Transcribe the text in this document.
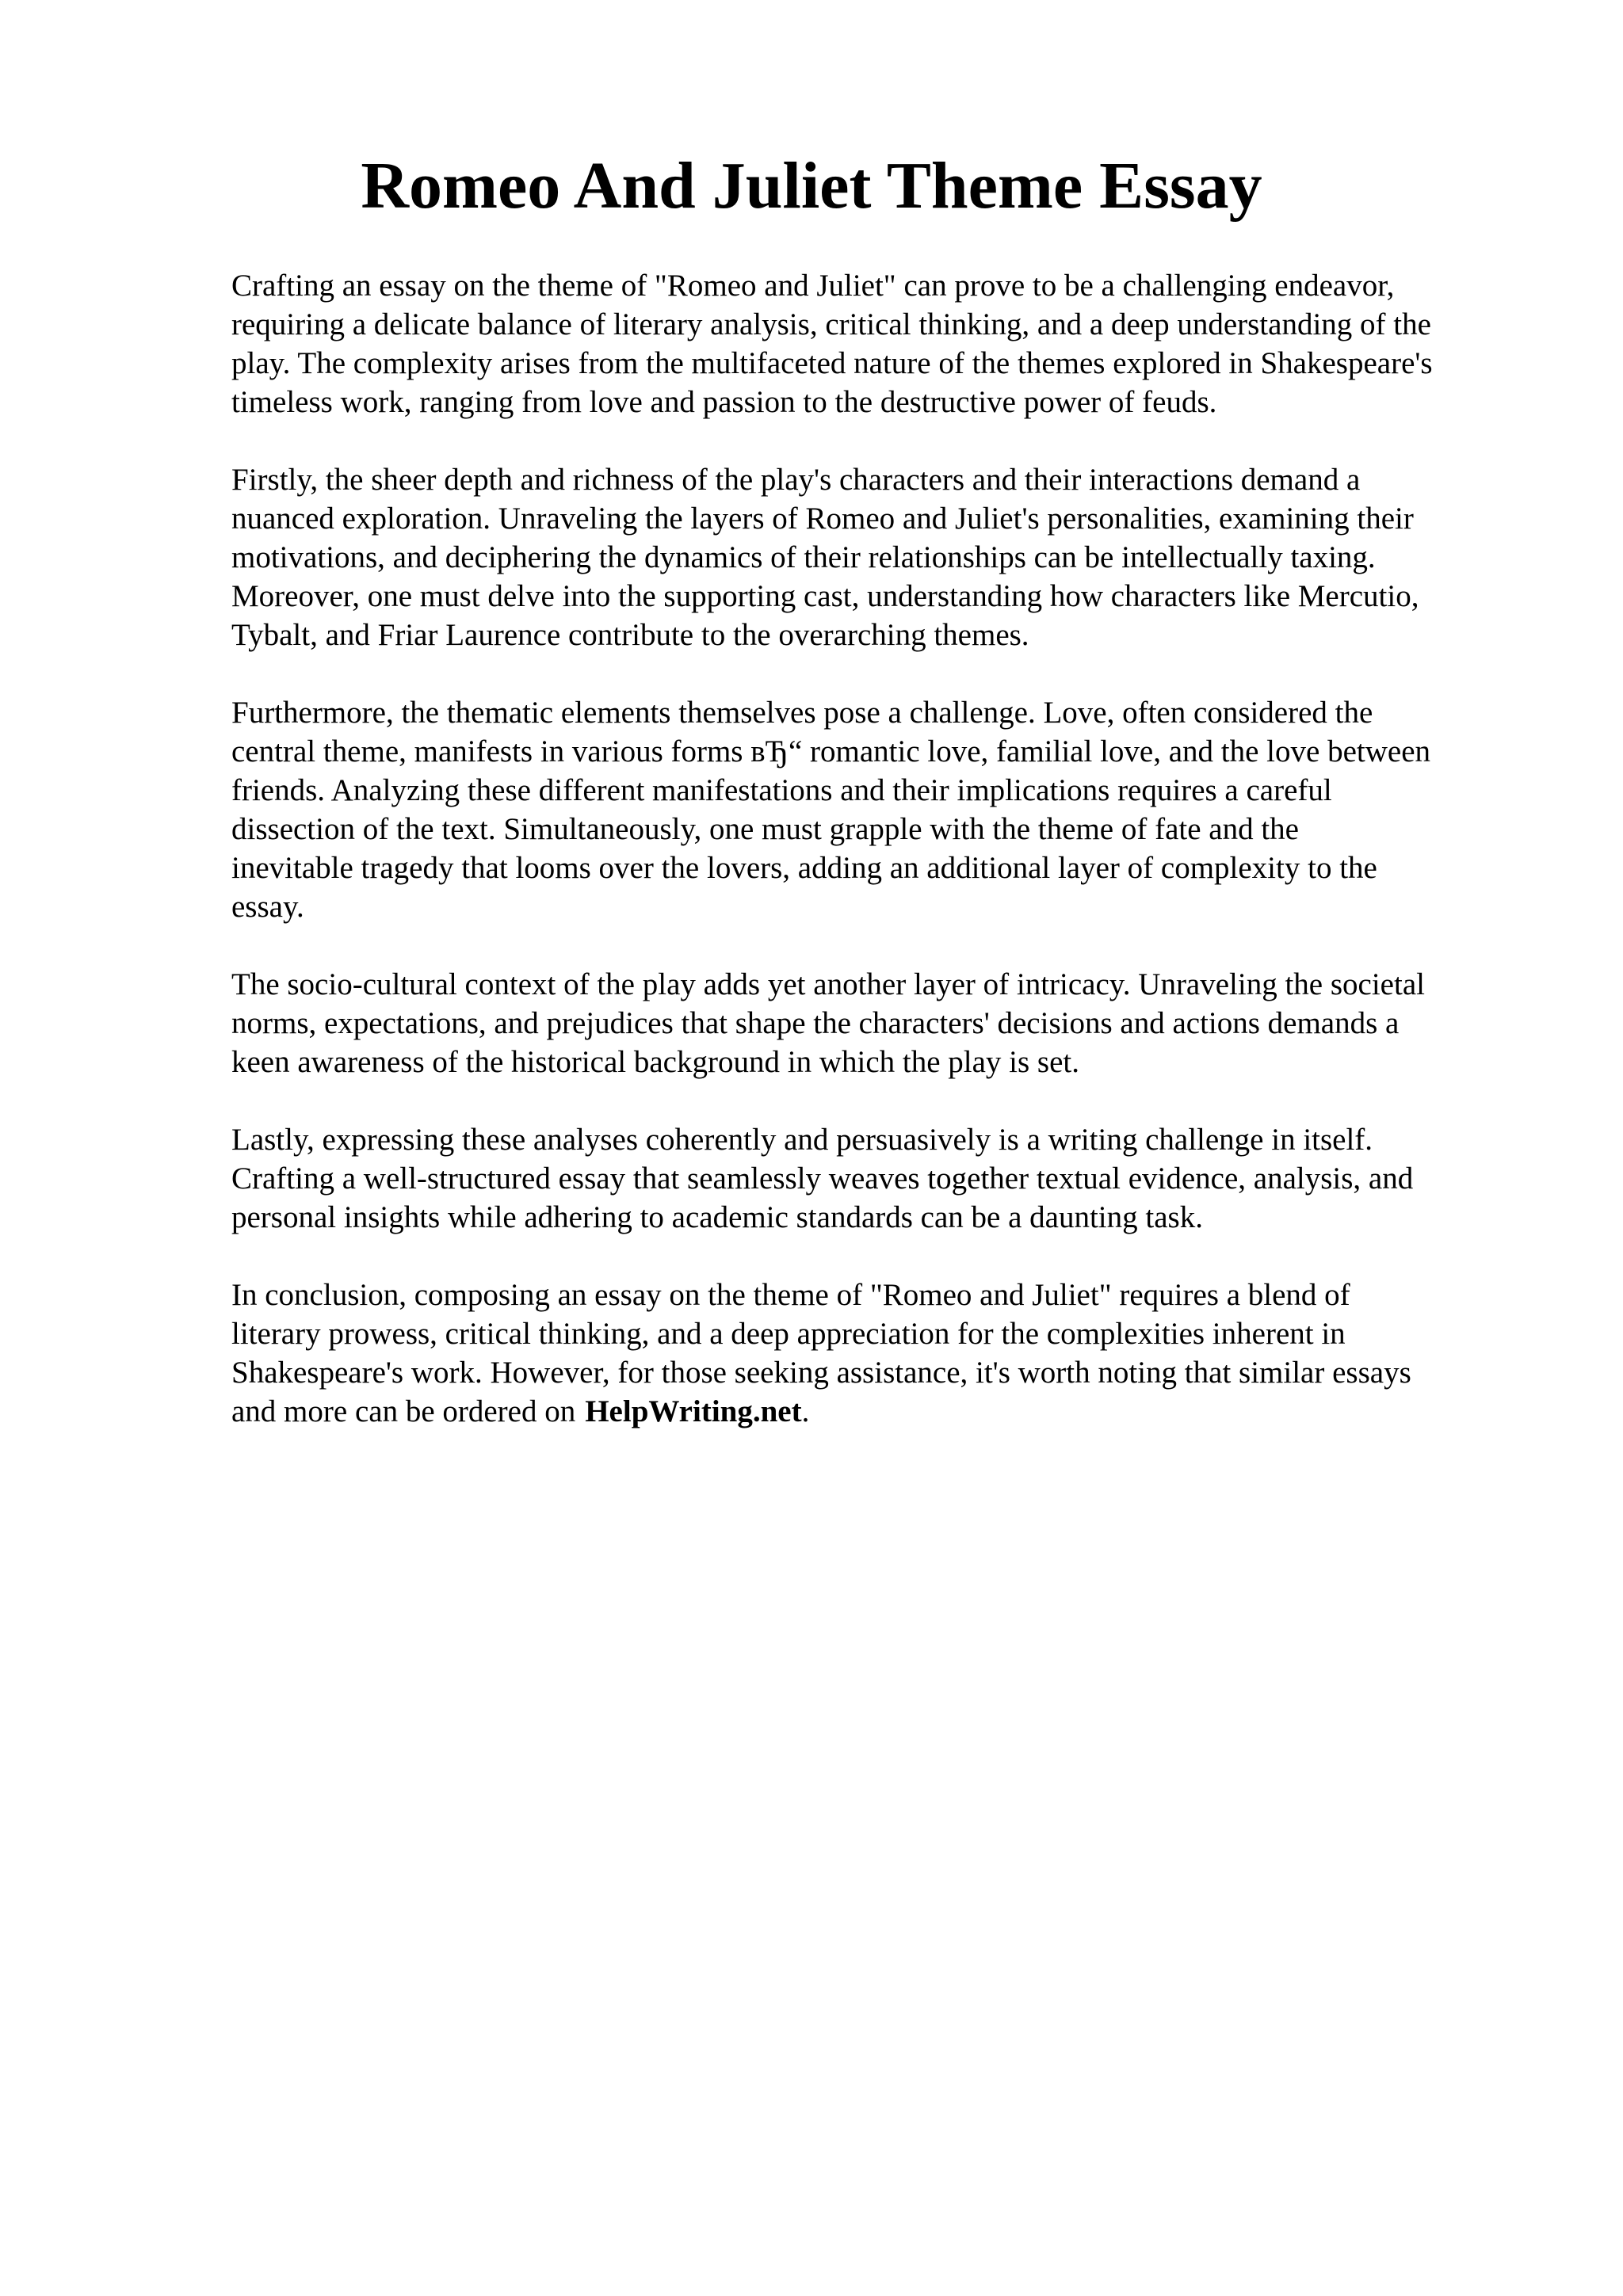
Romeo And Juliet Theme Essay

Crafting an essay on the theme of "Romeo and Juliet" can prove to be a challenging endeavor,
requiring a delicate balance of literary analysis, critical thinking, and a deep understanding of the
play. The complexity arises from the multifaceted nature of the themes explored in Shakespeare's
timeless work, ranging from love and passion to the destructive power of feuds.

Firstly, the sheer depth and richness of the play's characters and their interactions demand a
nuanced exploration. Unraveling the layers of Romeo and Juliet's personalities, examining their
motivations, and deciphering the dynamics of their relationships can be intellectually taxing.
Moreover, one must delve into the supporting cast, understanding how characters like Mercutio,
Tybalt, and Friar Laurence contribute to the overarching themes.

Furthermore, the thematic elements themselves pose a challenge. Love, often considered the
central theme, manifests in various forms вЂ“ romantic love, familial love, and the love between
friends. Analyzing these different manifestations and their implications requires a careful
dissection of the text. Simultaneously, one must grapple with the theme of fate and the
inevitable tragedy that looms over the lovers, adding an additional layer of complexity to the
essay.

The socio-cultural context of the play adds yet another layer of intricacy. Unraveling the societal
norms, expectations, and prejudices that shape the characters' decisions and actions demands a
keen awareness of the historical background in which the play is set.

Lastly, expressing these analyses coherently and persuasively is a writing challenge in itself.
Crafting a well-structured essay that seamlessly weaves together textual evidence, analysis, and
personal insights while adhering to academic standards can be a daunting task.

In conclusion, composing an essay on the theme of "Romeo and Juliet" requires a blend of
literary prowess, critical thinking, and a deep appreciation for the complexities inherent in
Shakespeare's work. However, for those seeking assistance, it's worth noting that similar essays
and more can be ordered on HelpWriting.net.
